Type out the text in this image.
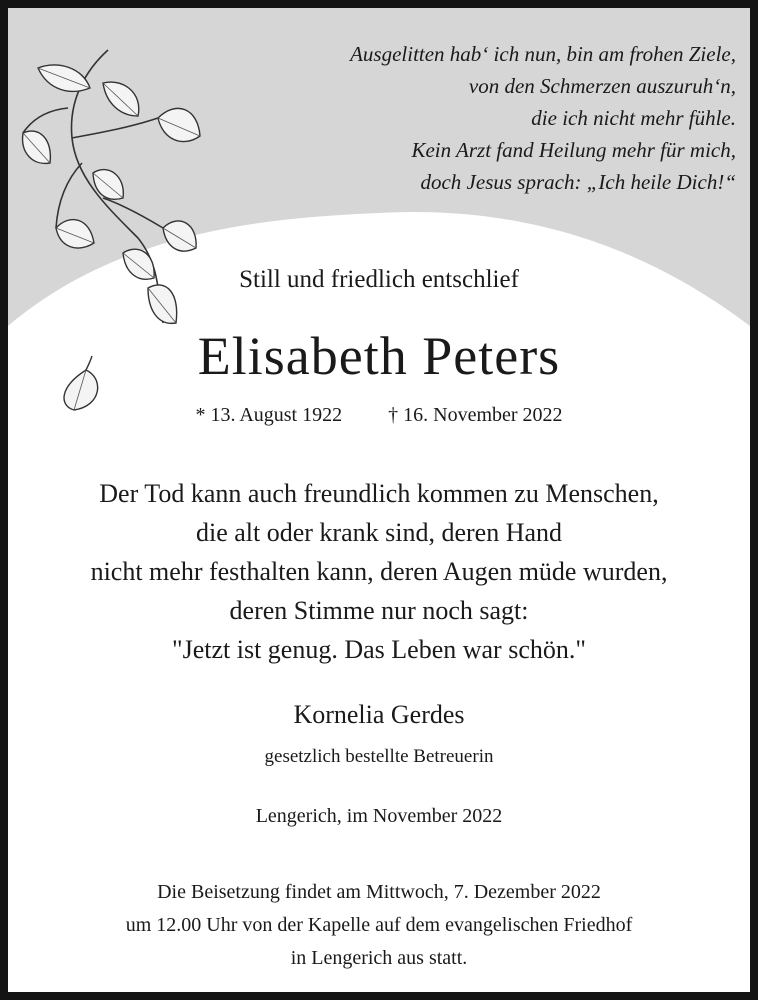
Ausgelitten hab‘ ich nun, bin am frohen Ziele,
von den Schmerzen auszuruh‘n,
die ich nicht mehr fühle.
Kein Arzt fand Heilung mehr für mich,
doch Jesus sprach: „Ich heile Dich!“
Still und friedlich entschlief
Elisabeth Peters
* 13. August 1922 † 16. November 2022
Der Tod kann auch freundlich kommen zu Menschen,
die alt oder krank sind, deren Hand
nicht mehr festhalten kann, deren Augen müde wurden,
deren Stimme nur noch sagt:
"Jetzt ist genug. Das Leben war schön."
Kornelia Gerdes
gesetzlich bestellte Betreuerin
Lengerich, im November 2022
Die Beisetzung findet am Mittwoch, 7. Dezember 2022
um 12.00 Uhr von der Kapelle auf dem evangelischen Friedhof
in Lengerich aus statt.
